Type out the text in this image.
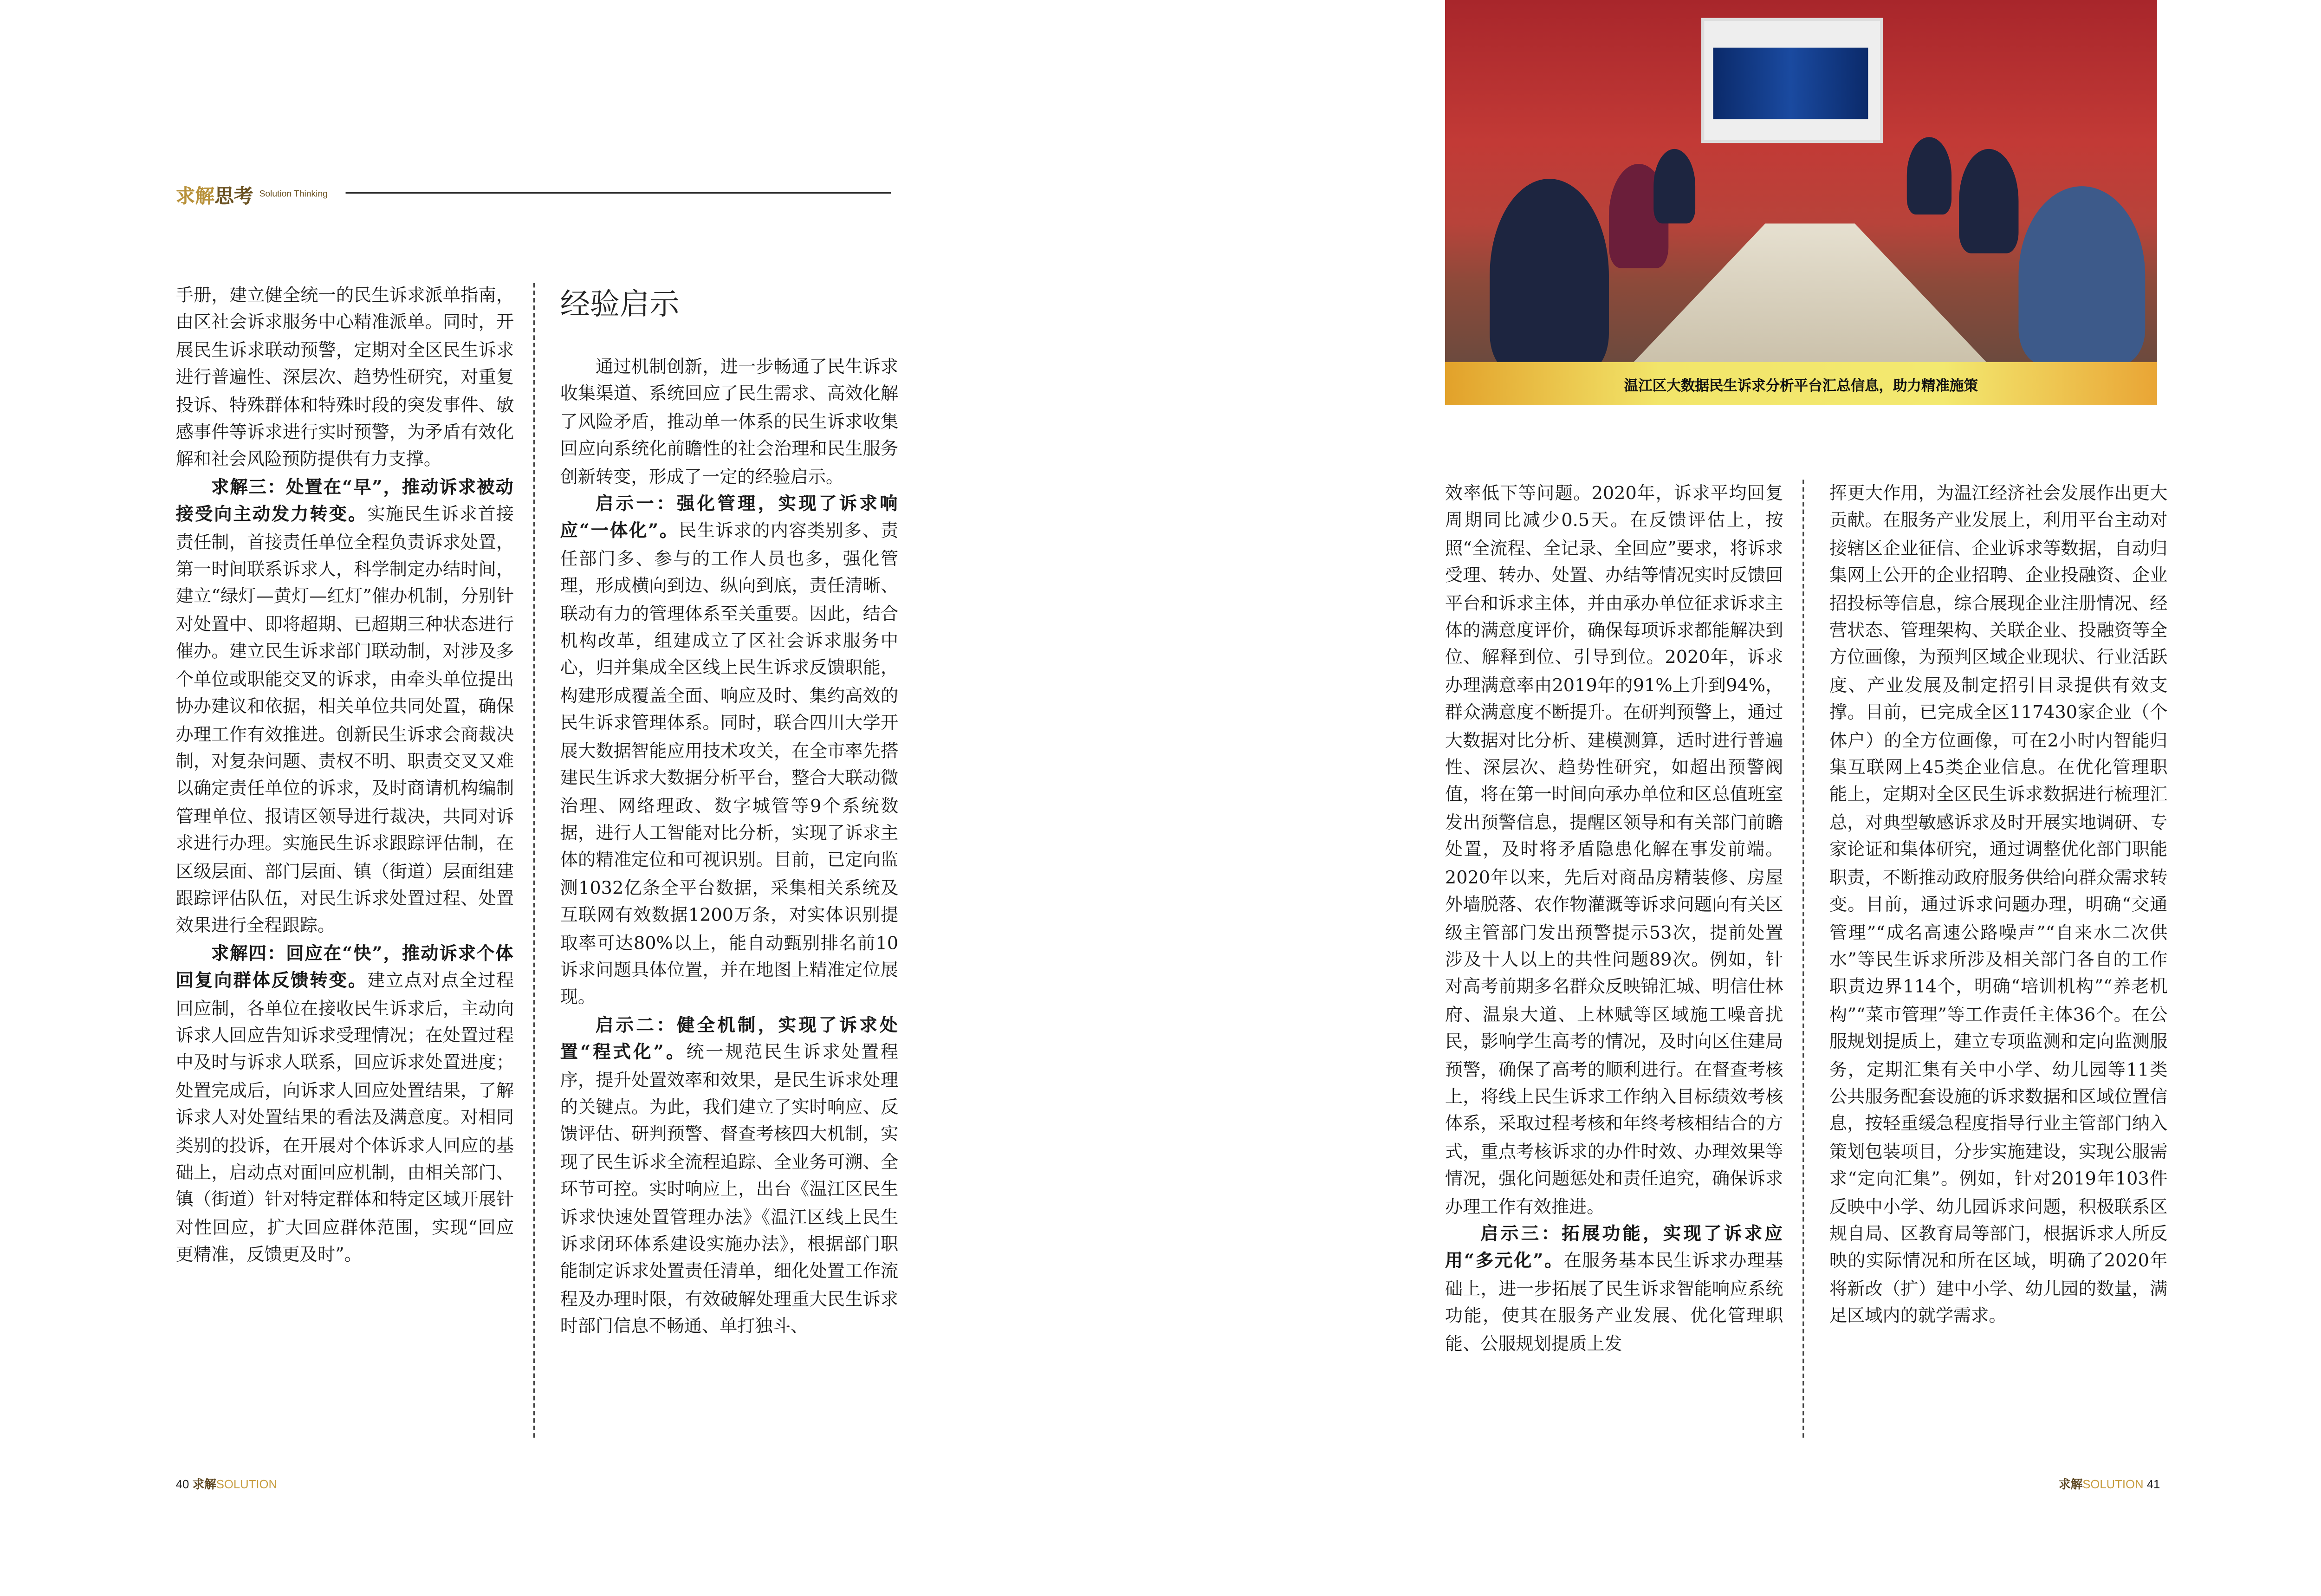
求解 思考 Solution Thinking

手册，建立健全统一的民生诉求派单指南，由区社会诉求服务中心精准派单。同时，开展民生诉求联动预警，定期对全区民生诉求进行普遍性、深层次、趋势性研究，对重复投诉、特殊群体和特殊时段的突发事件、敏感事件等诉求进行实时预警，为矛盾有效化解和社会风险预防提供有力支撑。

求解三：处置在“早”，推动诉求被动接受向主动发力转变。实施民生诉求首接责任制，首接责任单位全程负责诉求处置，第一时间联系诉求人，科学制定办结时间，建立“绿灯—黄灯—红灯”催办机制，分别针对处置中、即将超期、已超期三种状态进行催办。建立民生诉求部门联动制，对涉及多个单位或职能交叉的诉求，由牵头单位提出协办建议和依据，相关单位共同处置，确保办理工作有效推进。创新民生诉求会商裁决制，对复杂问题、责权不明、职责交叉又难以确定责任单位的诉求，及时商请机构编制管理单位、报请区领导进行裁决，共同对诉求进行办理。实施民生诉求跟踪评估制，在区级层面、部门层面、镇（街道）层面组建跟踪评估队伍，对民生诉求处置过程、处置效果进行全程跟踪。

求解四：回应在“快”，推动诉求个体回复向群体反馈转变。建立点对点全过程回应制，各单位在接收民生诉求后，主动向诉求人回应告知诉求受理情况；在处置过程中及时与诉求人联系，回应诉求处置进度；处置完成后，向诉求人回应处置结果，了解诉求人对处置结果的看法及满意度。对相同类别的投诉，在开展对个体诉求人回应的基础上，启动点对面回应机制，由相关部门、镇（街道）针对特定群体和特定区域开展针对性回应，扩大回应群体范围，实现“回应更精准，反馈更及时”。

经验启示

通过机制创新，进一步畅通了民生诉求收集渠道、系统回应了民生需求、高效化解了风险矛盾，推动单一体系的民生诉求收集回应向系统化前瞻性的社会治理和民生服务创新转变，形成了一定的经验启示。

启示一：强化管理，实现了诉求响应“一体化”。民生诉求的内容类别多、责任部门多、参与的工作人员也多，强化管理，形成横向到边、纵向到底，责任清晰、联动有力的管理体系至关重要。因此，结合机构改革，组建成立了区社会诉求服务中心，归并集成全区线上民生诉求反馈职能，构建形成覆盖全面、响应及时、集约高效的民生诉求管理体系。同时，联合四川大学开展大数据智能应用技术攻关，在全市率先搭建民生诉求大数据分析平台，整合大联动微治理、网络理政、数字城管等9个系统数据，进行人工智能对比分析，实现了诉求主体的精准定位和可视识别。目前，已定向监测1032亿条全平台数据，采集相关系统及互联网有效数据1200万条，对实体识别提取率可达80%以上，能自动甄别排名前10诉求问题具体位置，并在地图上精准定位展现。

启示二：健全机制，实现了诉求处置“程式化”。统一规范民生诉求处置程序，提升处置效率和效果，是民生诉求处理的关键点。为此，我们建立了实时响应、反馈评估、研判预警、督查考核四大机制，实现了民生诉求全流程追踪、全业务可溯、全环节可控。实时响应上，出台《温江区民生诉求快速处置管理办法》《温江区线上民生诉求闭环体系建设实施办法》，根据部门职能制定诉求处置责任清单，细化处置工作流程及办理时限，有效破解处理重大民生诉求时部门信息不畅通、单打独斗、

温江区大数据民生诉求分析平台汇总信息，助力精准施策

效率低下等问题。2020年，诉求平均回复周期同比减少0.5天。在反馈评估上，按照“全流程、全记录、全回应”要求，将诉求受理、转办、处置、办结等情况实时反馈回平台和诉求主体，并由承办单位征求诉求主体的满意度评价，确保每项诉求都能解决到位、解释到位、引导到位。2020年，诉求办理满意率由2019年的91%上升到94%，群众满意度不断提升。在研判预警上，通过大数据对比分析、建模测算，适时进行普遍性、深层次、趋势性研究，如超出预警阀值，将在第一时间向承办单位和区总值班室发出预警信息，提醒区领导和有关部门前瞻处置，及时将矛盾隐患化解在事发前端。2020年以来，先后对商品房精装修、房屋外墙脱落、农作物灌溉等诉求问题向有关区级主管部门发出预警提示53次，提前处置涉及十人以上的共性问题89次。例如，针对高考前期多名群众反映锦汇城、明信仕林府、温泉大道、上林赋等区域施工噪音扰民，影响学生高考的情况，及时向区住建局预警，确保了高考的顺利进行。在督查考核上，将线上民生诉求工作纳入目标绩效考核体系，采取过程考核和年终考核相结合的方式，重点考核诉求的办件时效、办理效果等情况，强化问题惩处和责任追究，确保诉求办理工作有效推进。

启示三：拓展功能，实现了诉求应用“多元化”。在服务基本民生诉求办理基础上，进一步拓展了民生诉求智能响应系统功能，使其在服务产业发展、优化管理职能、公服规划提质上发

挥更大作用，为温江经济社会发展作出更大贡献。在服务产业发展上，利用平台主动对接辖区企业征信、企业诉求等数据，自动归集网上公开的企业招聘、企业投融资、企业招投标等信息，综合展现企业注册情况、经营状态、管理架构、关联企业、投融资等全方位画像，为预判区域企业现状、行业活跃度、产业发展及制定招引目录提供有效支撑。目前，已完成全区117430家企业（个体户）的全方位画像，可在2小时内智能归集互联网上45类企业信息。在优化管理职能上，定期对全区民生诉求数据进行梳理汇总，对典型敏感诉求及时开展实地调研、专家论证和集体研究，通过调整优化部门职能职责，不断推动政府服务供给向群众需求转变。目前，通过诉求问题办理，明确“交通管理”“成名高速公路噪声”“自来水二次供水”等民生诉求所涉及相关部门各自的工作职责边界114个，明确“培训机构”“养老机构”“菜市管理”等工作责任主体36个。在公服规划提质上，建立专项监测和定向监测服务，定期汇集有关中小学、幼儿园等11类公共服务配套设施的诉求数据和区域位置信息，按轻重缓急程度指导行业主管部门纳入策划包装项目，分步实施建设，实现公服需求“定向汇集”。例如，针对2019年103件反映中小学、幼儿园诉求问题，积极联系区规自局、区教育局等部门，根据诉求人所反映的实际情况和所在区域，明确了2020年将新改（扩）建中小学、幼儿园的数量，满足区域内的就学需求。

40 求解SOLUTION	求解SOLUTION 41
